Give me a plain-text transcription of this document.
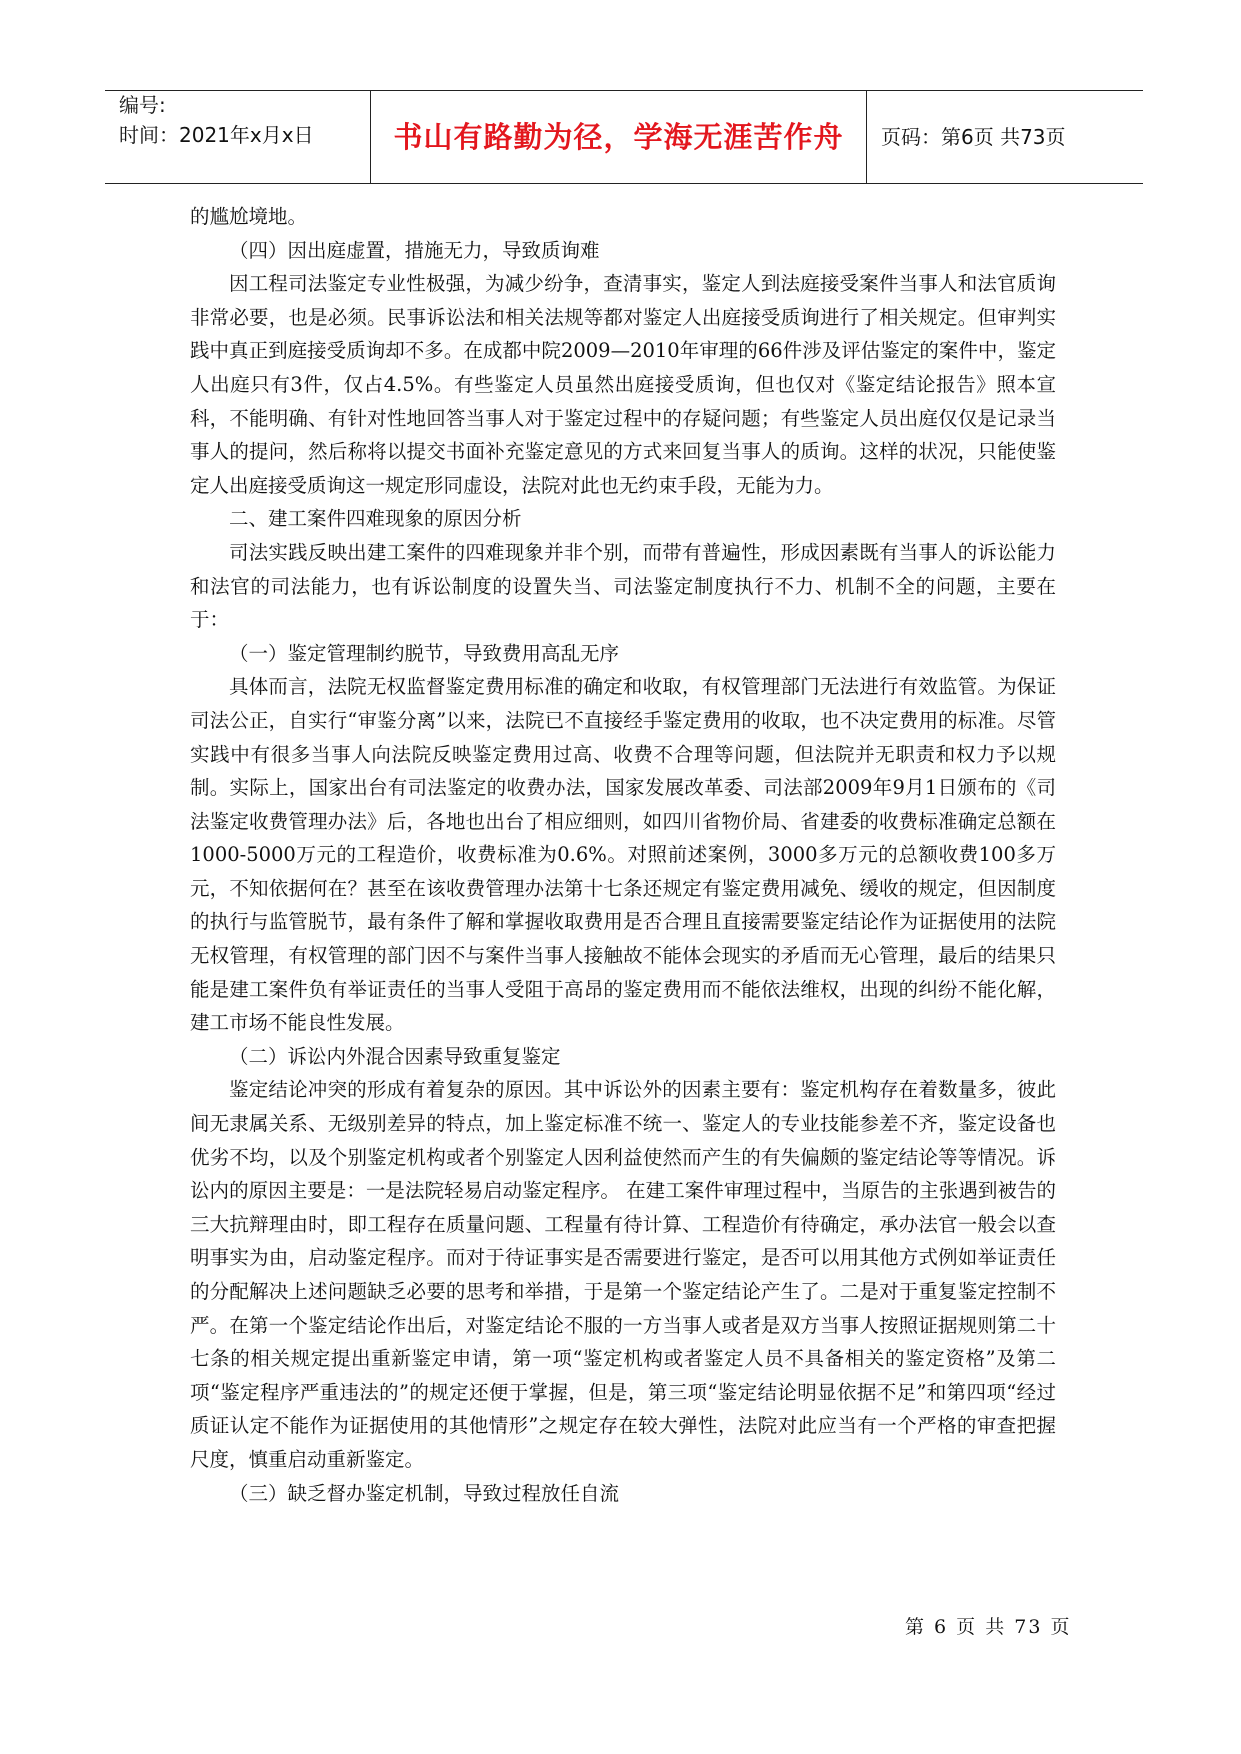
编号:
时间：2021年x月x日	书山有路勤为径，学海无涯苦作舟	页码：第6页 共73页

的尴尬境地。

（四）因出庭虚置，措施无力，导致质询难

因工程司法鉴定专业性极强，为减少纷争，查清事实，鉴定人到法庭接受案件当事人和法官质询非常必要，也是必须。民事诉讼法和相关法规等都对鉴定人出庭接受质询进行了相关规定。但审判实践中真正到庭接受质询却不多。在成都中院2009—2010年审理的66件涉及评估鉴定的案件中，鉴定人出庭只有3件，仅占4.5%。有些鉴定人员虽然出庭接受质询，但也仅对《鉴定结论报告》照本宣科，不能明确、有针对性地回答当事人对于鉴定过程中的存疑问题；有些鉴定人员出庭仅仅是记录当事人的提问，然后称将以提交书面补充鉴定意见的方式来回复当事人的质询。这样的状况，只能使鉴定人出庭接受质询这一规定形同虚设，法院对此也无约束手段，无能为力。

二、建工案件四难现象的原因分析

司法实践反映出建工案件的四难现象并非个别，而带有普遍性，形成因素既有当事人的诉讼能力和法官的司法能力，也有诉讼制度的设置失当、司法鉴定制度执行不力、机制不全的问题，主要在于：

（一）鉴定管理制约脱节，导致费用高乱无序

具体而言，法院无权监督鉴定费用标准的确定和收取，有权管理部门无法进行有效监管。为保证司法公正，自实行“审鉴分离”以来，法院已不直接经手鉴定费用的收取，也不决定费用的标准。尽管实践中有很多当事人向法院反映鉴定费用过高、收费不合理等问题，但法院并无职责和权力予以规制。实际上，国家出台有司法鉴定的收费办法，国家发展改革委、司法部2009年9月1日颁布的《司法鉴定收费管理办法》后，各地也出台了相应细则，如四川省物价局、省建委的收费标准确定总额在1000-5000万元的工程造价，收费标准为0.6%。对照前述案例，3000多万元的总额收费100多万元，不知依据何在？甚至在该收费管理办法第十七条还规定有鉴定费用减免、缓收的规定，但因制度的执行与监管脱节，最有条件了解和掌握收取费用是否合理且直接需要鉴定结论作为证据使用的法院无权管理，有权管理的部门因不与案件当事人接触故不能体会现实的矛盾而无心管理，最后的结果只能是建工案件负有举证责任的当事人受阻于高昂的鉴定费用而不能依法维权，出现的纠纷不能化解，建工市场不能良性发展。

（二）诉讼内外混合因素导致重复鉴定

鉴定结论冲突的形成有着复杂的原因。其中诉讼外的因素主要有：鉴定机构存在着数量多，彼此间无隶属关系、无级别差异的特点，加上鉴定标准不统一、鉴定人的专业技能参差不齐，鉴定设备也优劣不均，以及个别鉴定机构或者个别鉴定人因利益使然而产生的有失偏颇的鉴定结论等等情况。诉讼内的原因主要是：一是法院轻易启动鉴定程序。 在建工案件审理过程中，当原告的主张遇到被告的三大抗辩理由时，即工程存在质量问题、工程量有待计算、工程造价有待确定，承办法官一般会以查明事实为由，启动鉴定程序。而对于待证事实是否需要进行鉴定，是否可以用其他方式例如举证责任的分配解决上述问题缺乏必要的思考和举措，于是第一个鉴定结论产生了。二是对于重复鉴定控制不严。在第一个鉴定结论作出后，对鉴定结论不服的一方当事人或者是双方当事人按照证据规则第二十七条的相关规定提出重新鉴定申请，第一项“鉴定机构或者鉴定人员不具备相关的鉴定资格”及第二项“鉴定程序严重违法的”的规定还便于掌握，但是，第三项“鉴定结论明显依据不足”和第四项“经过质证认定不能作为证据使用的其他情形”之规定存在较大弹性，法院对此应当有一个严格的审查把握尺度，慎重启动重新鉴定。

（三）缺乏督办鉴定机制，导致过程放任自流

第 6 页 共 73 页
